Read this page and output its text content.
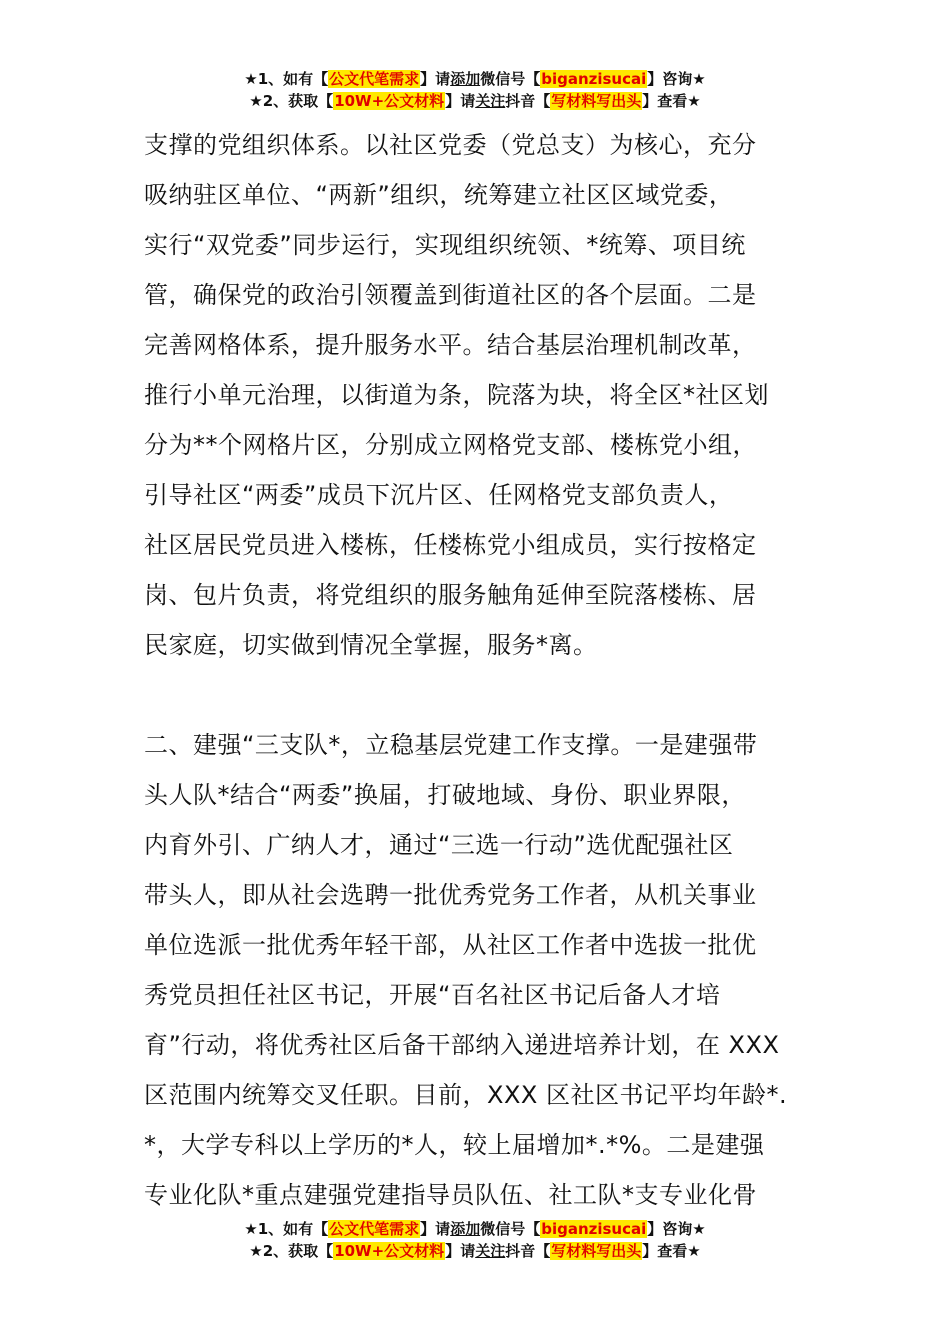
★1、如有【公文代笔需求】请添加微信号【biganzisucai】咨询★
★2、获取【10W+公文材料】请关注抖音【写材料写出头】查看★
支撑的党组织体系。以社区党委（党总支）为核心，充分
吸纳驻区单位、“两新”组织，统筹建立社区区域党委，
实行“双党委”同步运行，实现组织统领、*统筹、项目统
管，确保党的政治引领覆盖到街道社区的各个层面。二是
完善网格体系，提升服务水平。结合基层治理机制改革，
推行小单元治理，以街道为条，院落为块，将全区*社区划
分为**个网格片区，分别成立网格党支部、楼栋党小组，
引导社区“两委”成员下沉片区、任网格党支部负责人，
社区居民党员进入楼栋，任楼栋党小组成员，实行按格定
岗、包片负责，将党组织的服务触角延伸至院落楼栋、居
民家庭，切实做到情况全掌握，服务*离。
二、建强“三支队*，立稳基层党建工作支撑。一是建强带
头人队*结合“两委”换届，打破地域、身份、职业界限，
内育外引、广纳人才，通过“三选一行动”选优配强社区
带头人，即从社会选聘一批优秀党务工作者，从机关事业
单位选派一批优秀年轻干部，从社区工作者中选拔一批优
秀党员担任社区书记，开展“百名社区书记后备人才培
育”行动，将优秀社区后备干部纳入递进培养计划，在 XXX
区范围内统筹交叉任职。目前，XXX 区社区书记平均年龄*.
*，大学专科以上学历的*人，较上届增加*.*%。二是建强
专业化队*重点建强党建指导员队伍、社工队*支专业化骨
★1、如有【公文代笔需求】请添加微信号【biganzisucai】咨询★
★2、获取【10W+公文材料】请关注抖音【写材料写出头】查看★
